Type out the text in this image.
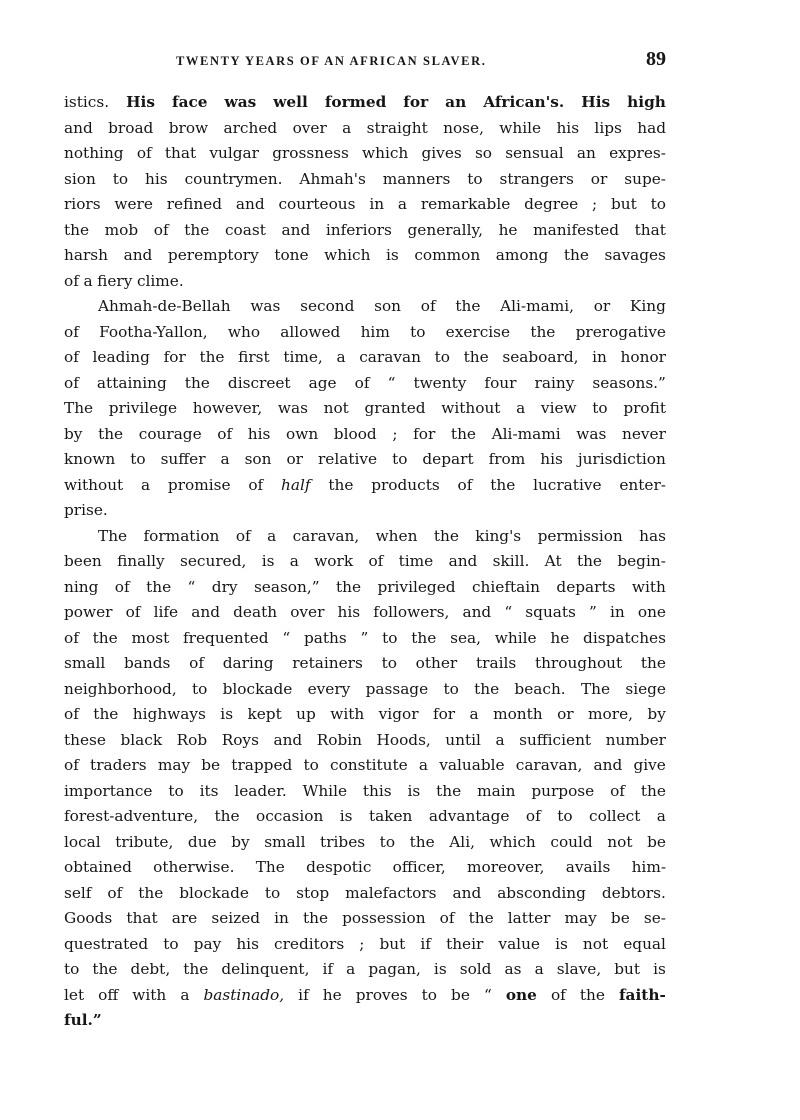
TWENTY YEARS OF AN AFRICAN SLAVER.	89
istics. His face was well formed for an African's. His high
and broad brow arched over a straight nose, while his lips had
nothing of that vulgar grossness which gives so sensual an expres-
sion to his countrymen. Ahmah's manners to strangers or supe-
riors were refined and courteous in a remarkable degree ; but to
the mob of the coast and inferiors generally, he manifested that
harsh and peremptory tone which is common among the savages
of a fiery clime.
Ahmah-de-Bellah was second son of the Ali-mami, or King
of Footha-Yallon, who allowed him to exercise the prerogative
of leading for the first time, a caravan to the seaboard, in honor
of attaining the discreet age of “ twenty four rainy seasons.”
The privilege however, was not granted without a view to profit
by the courage of his own blood ; for the Ali-mami was never
known to suffer a son or relative to depart from his jurisdiction
without a promise of half the products of the lucrative enter-
prise.
The formation of a caravan, when the king's permission has
been finally secured, is a work of time and skill. At the begin-
ning of the “ dry season,” the privileged chieftain departs with
power of life and death over his followers, and “ squats ” in one
of the most frequented “ paths ” to the sea, while he dispatches
small bands of daring retainers to other trails throughout the
neighborhood, to blockade every passage to the beach. The siege
of the highways is kept up with vigor for a month or more, by
these black Rob Roys and Robin Hoods, until a sufficient number
of traders may be trapped to constitute a valuable caravan, and give
importance to its leader. While this is the main purpose of the
forest-adventure, the occasion is taken advantage of to collect a
local tribute, due by small tribes to the Ali, which could not be
obtained otherwise. The despotic officer, moreover, avails him-
self of the blockade to stop malefactors and absconding debtors.
Goods that are seized in the possession of the latter may be se-
questrated to pay his creditors ; but if their value is not equal
to the debt, the delinquent, if a pagan, is sold as a slave, but is
let off with a bastinado, if he proves to be “ one of the faith-
ful.”
